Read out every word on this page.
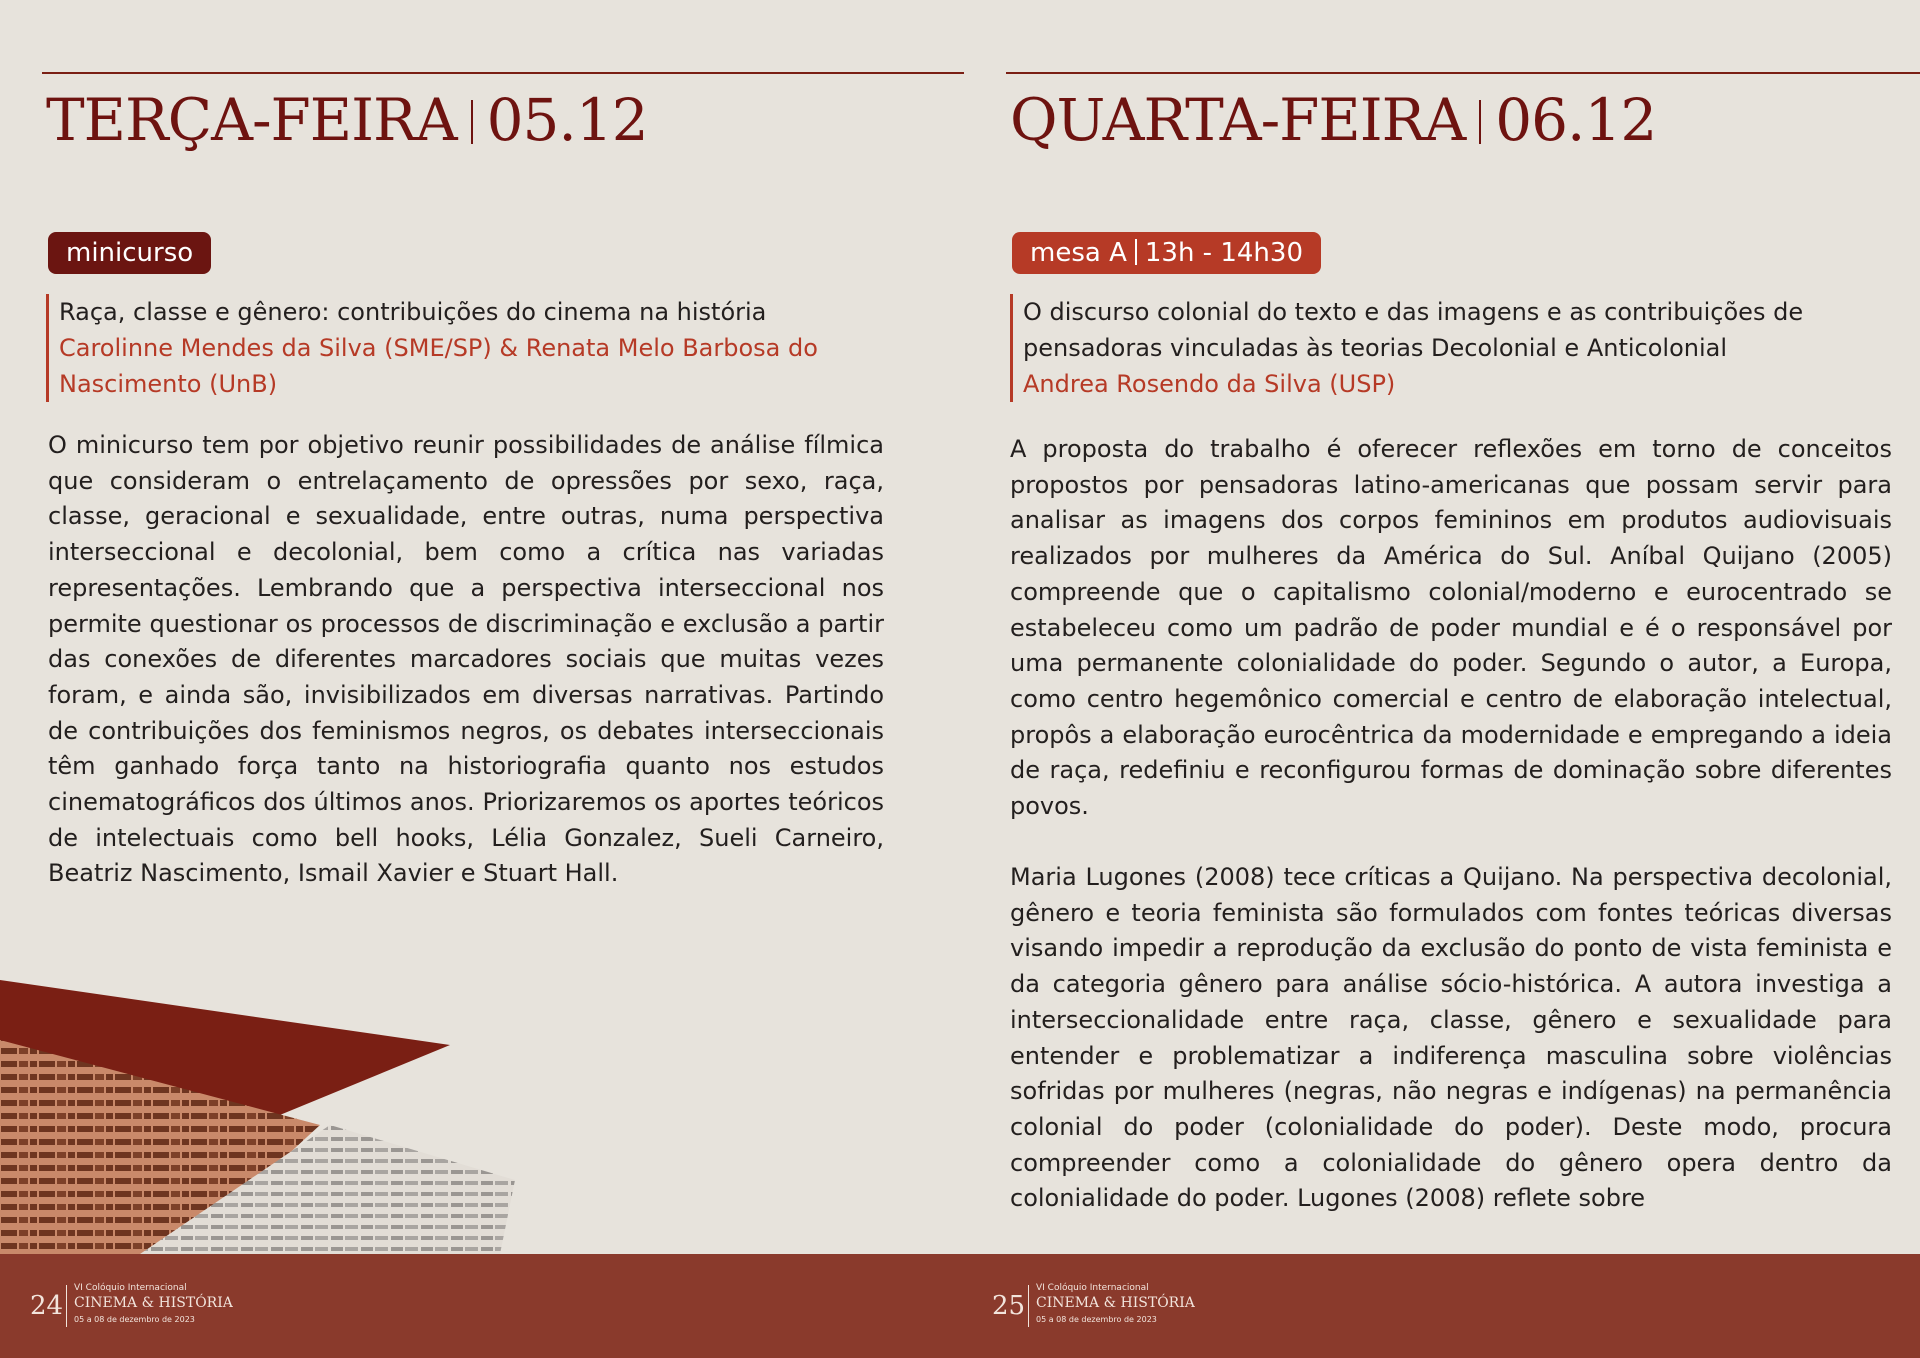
TERÇA-FEIRA 05.12
minicurso
Raça, classe e gênero: contribuições do cinema na história
Carolinne Mendes da Silva (SME/SP) & Renata Melo Barbosa do Nascimento (UnB)

O minicurso tem por objetivo reunir possibilidades de análise fílmica que consideram o entrelaçamento de opressões por sexo, raça, classe, geracional e sexualidade, entre outras, numa perspectiva interseccional e decolonial, bem como a crítica nas variadas representações. Lembrando que a perspectiva interseccional nos permite questionar os processos de discriminação e exclusão a partir das conexões de diferentes marcadores sociais que muitas vezes foram, e ainda são, invisibilizados em diversas narrativas. Partindo de contribuições dos feminismos negros, os debates interseccionais têm ganhado força tanto na historiografia quanto nos estudos cinematográficos dos últimos anos. Priorizaremos os aportes teóricos de intelectuais como bell hooks, Lélia Gonzalez, Sueli Carneiro, Beatriz Nascimento, Ismail Xavier e Stuart Hall.

QUARTA-FEIRA 06.12
mesa A 13h - 14h30
O discurso colonial do texto e das imagens e as contribuições de pensadoras vinculadas às teorias Decolonial e Anticolonial
Andrea Rosendo da Silva (USP)

A proposta do trabalho é oferecer reflexões em torno de conceitos propostos por pensadoras latino-americanas que possam servir para analisar as imagens dos corpos femininos em produtos audiovisuais realizados por mulheres da América do Sul. Aníbal Quijano (2005) compreende que o capitalismo colonial/moderno e eurocentrado se estabeleceu como um padrão de poder mundial e é o responsável por uma permanente colonialidade do poder. Segundo o autor, a Europa, como centro hegemônico comercial e centro de elaboração intelectual, propôs a elaboração eurocêntrica da modernidade e empregando a ideia de raça, redefiniu e reconfigurou formas de dominação sobre diferentes povos.

Maria Lugones (2008) tece críticas a Quijano. Na perspectiva decolonial, gênero e teoria feminista são formulados com fontes teóricas diversas visando impedir a reprodução da exclusão do ponto de vista feminista e da categoria gênero para análise sócio-histórica. A autora investiga a interseccionalidade entre raça, classe, gênero e sexualidade para entender e problematizar a indiferença masculina sobre violências sofridas por mulheres (negras, não negras e indígenas) na permanência colonial do poder (colonialidade do poder). Deste modo, procura compreender como a colonialidade do gênero opera dentro da colonialidade do poder. Lugones (2008) reflete sobre

24
VI Colóquio Internacional
CINEMA & HISTÓRIA
05 a 08 de dezembro de 2023	25
VI Colóquio Internacional
CINEMA & HISTÓRIA
05 a 08 de dezembro de 2023
